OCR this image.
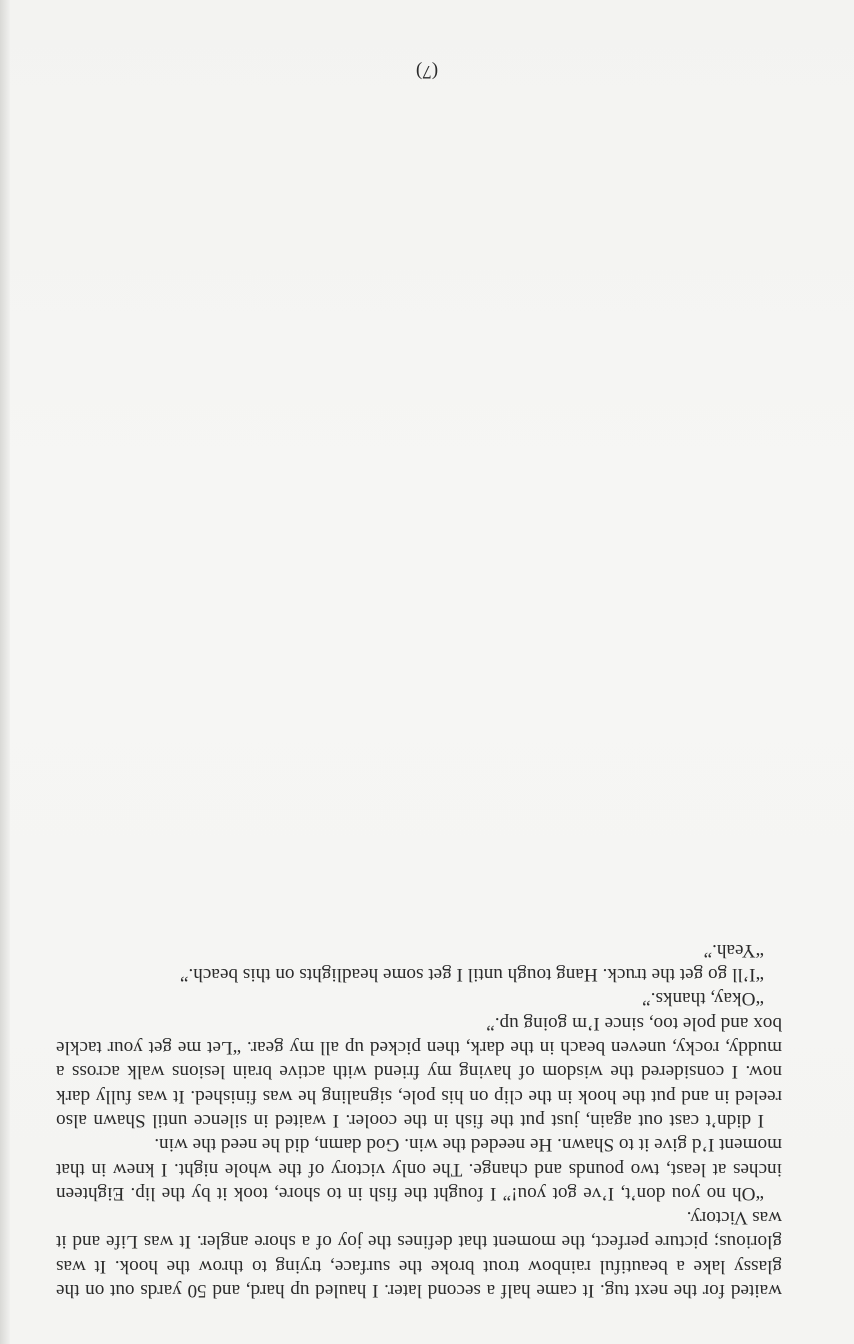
waited for the next tug. It came half a second later. I hauled up hard, and 50 yards out on the glassy lake a beautiful rainbow trout broke the surface, trying to throw the hook. It was glorious; picture perfect, the moment that defines the joy of a shore angler. It was Life and it was Victory.

“Oh no you don’t, I’ve got you!” I fought the fish in to shore, took it by the lip. Eighteen inches at least, two pounds and change. The only victory of the whole night. I knew in that moment I’d give it to Shawn. He needed the win. God damn, did he need the win.

I didn’t cast out again, just put the fish in the cooler. I waited in silence until Shawn also reeled in and put the hook in the clip on his pole, signaling he was finished. It was fully dark now. I considered the wisdom of having my friend with active brain lesions walk across a muddy, rocky, uneven beach in the dark, then picked up all my gear. “Let me get your tackle box and pole too, since I’m going up.”

“Okay, thanks.”

“I’ll go get the truck. Hang tough until I get some headlights on this beach.”

“Yeah.”

(7)
